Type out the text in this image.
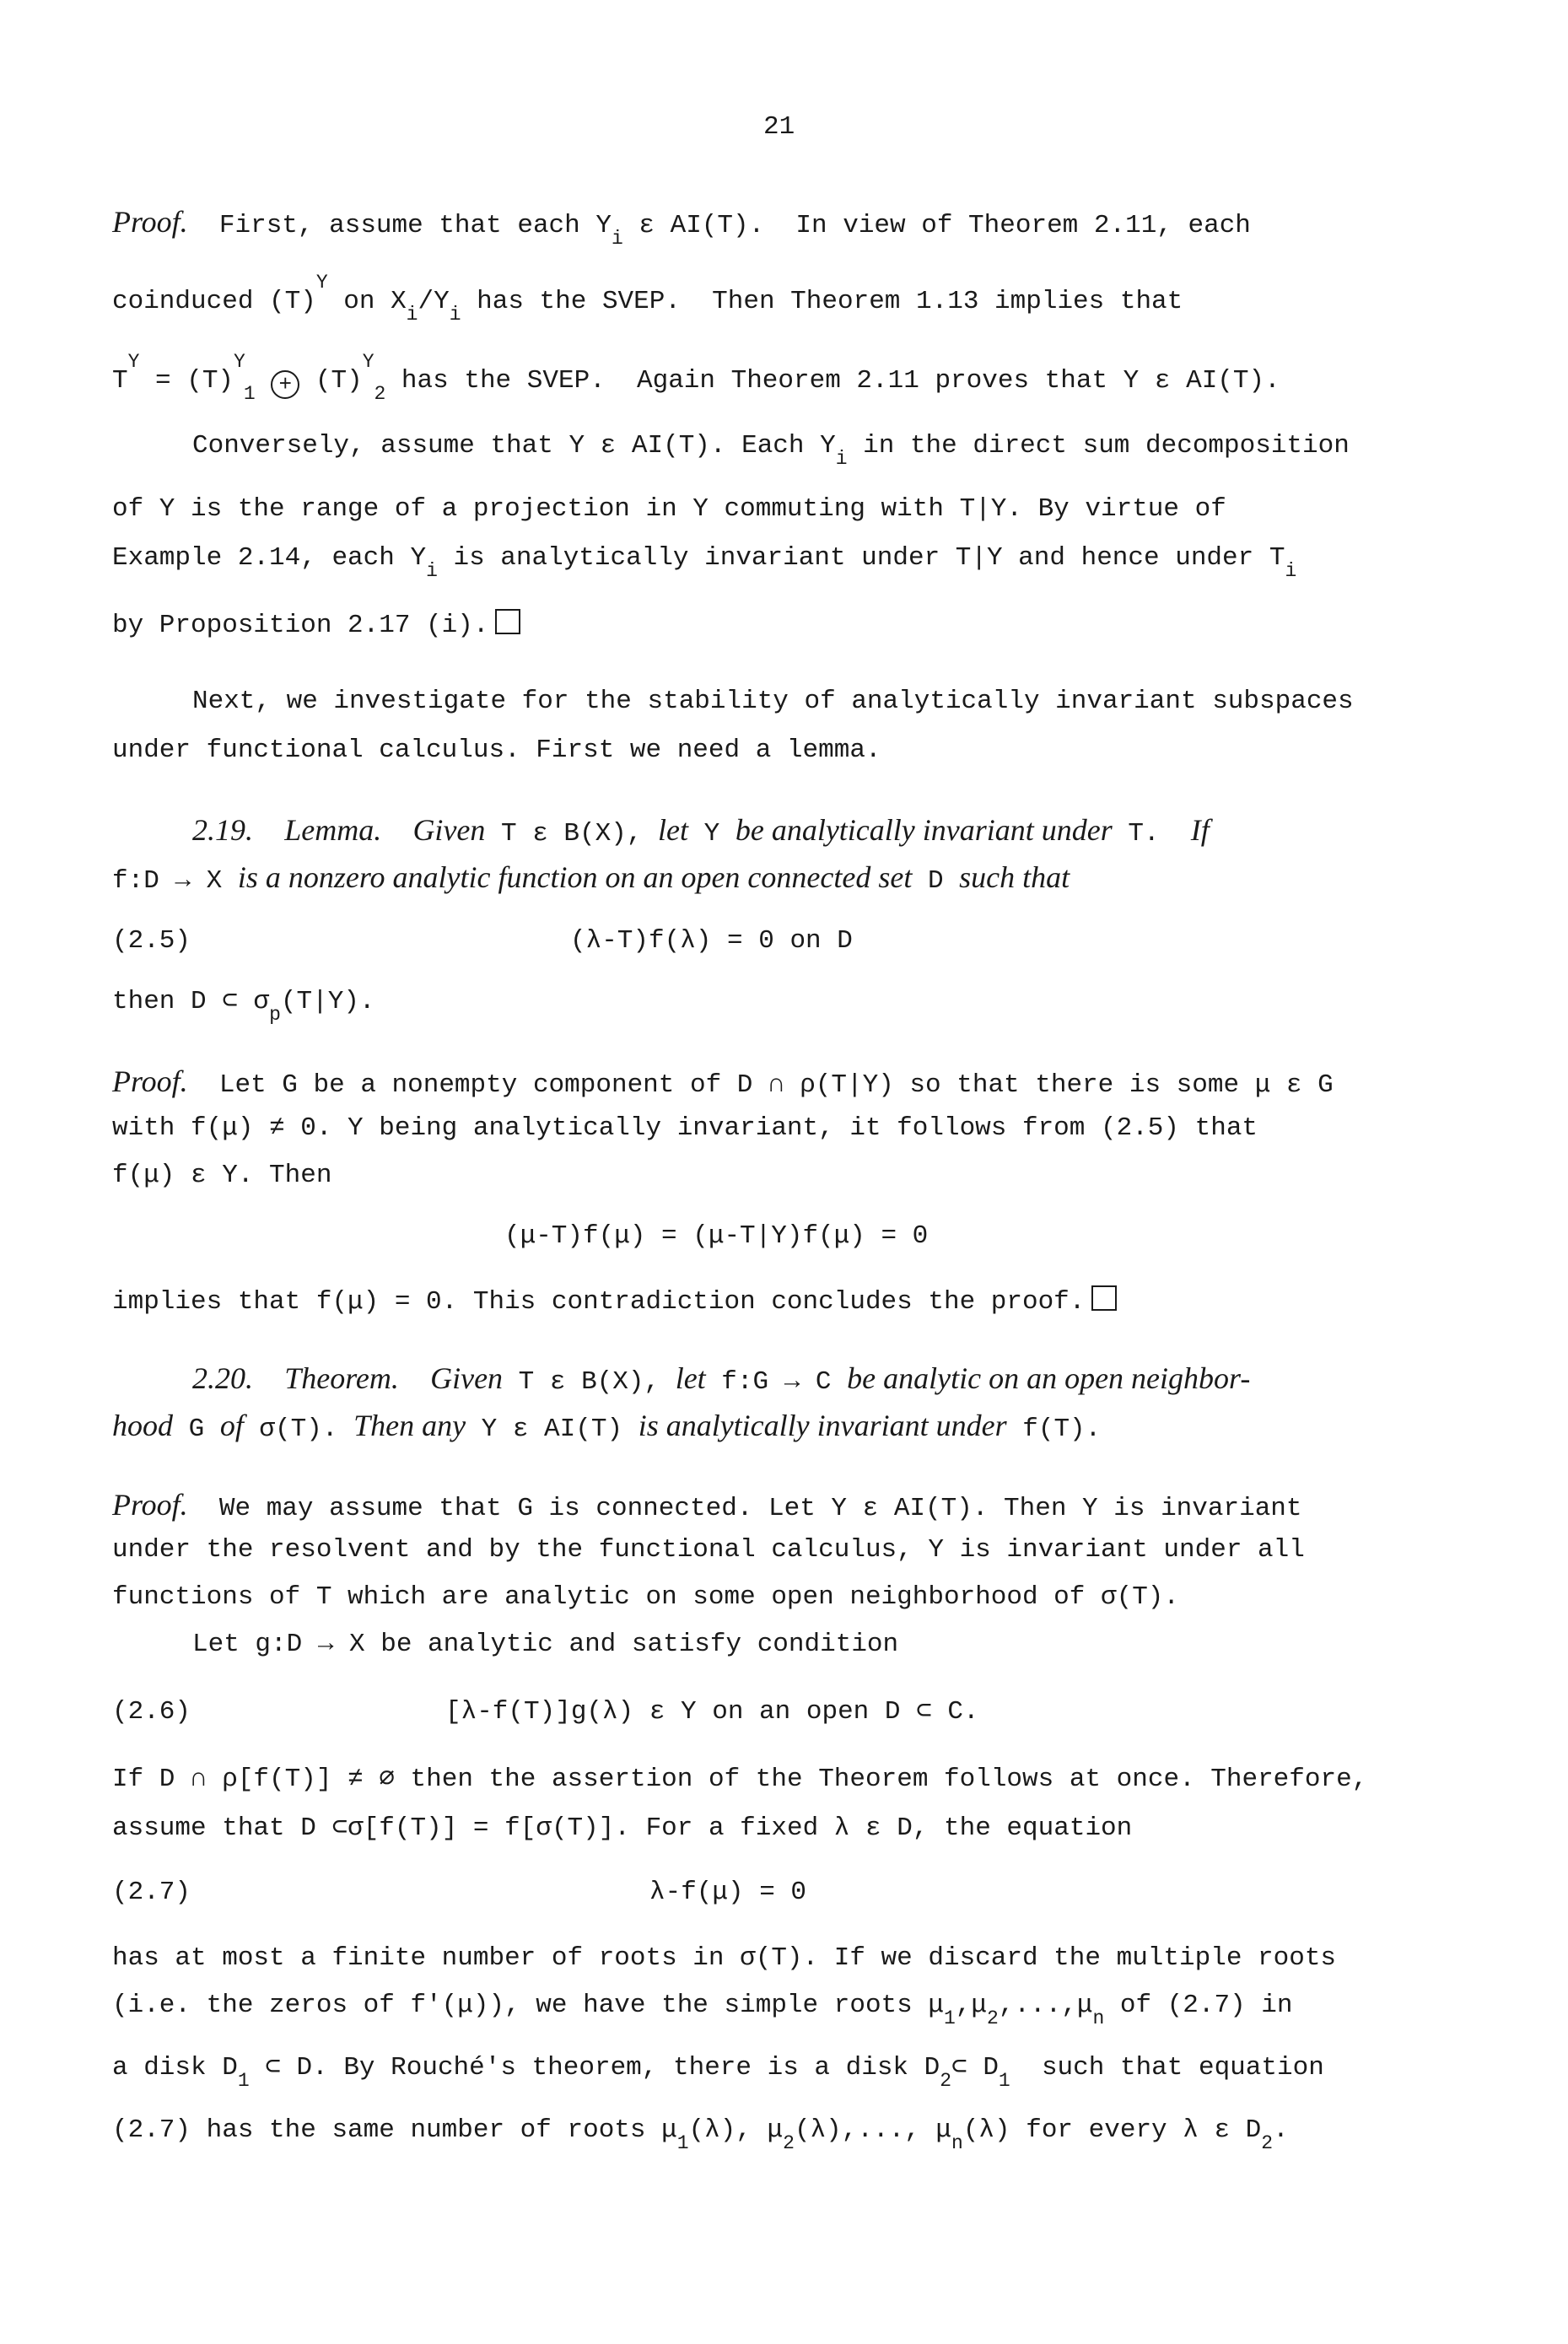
21
Proof. First, assume that each $Y_i$ ε AI(T).  In view of Theorem 2.11, each
coinduced $(T)^Y$ on $X_i/Y_i$ has the SVEP.  Then Theorem 1.13 implies that
$T^Y = (T)^Y_1 + (T)^Y_2$ has the SVEP.  Again Theorem 2.11 proves that Y ε AI(T).
Conversely, assume that Y ε AI(T). Each $Y_i$ in the direct sum decomposition
of Y is the range of a projection in Y commuting with T|Y. By virtue of
Example 2.14, each $Y_i$ is analytically invariant under T|Y and hence under $T_i$
by Proposition 2.17 (i).
Next, we investigate for the stability of analytically invariant subspaces
under functional calculus. First we need a lemma.
2.19. Lemma. Given T ε B(X), let Y be analytically invariant under T.  If
f:D → X is a nonzero analytic function on an open connected set D such that
(2.5)	(λ-T)f(λ) = 0 on D
then D ⊂ $\sigma_p(T|Y)$.
Proof. Let G be a nonempty component of D ∩ ρ(T|Y) so that there is some μ ε G
with f(μ) ≠ 0. Y being analytically invariant, it follows from (2.5) that
f(μ) ε Y. Then
(μ-T)f(μ) = (μ-T|Y)f(μ) = 0
implies that f(μ) = 0. This contradiction concludes the proof.
2.20. Theorem. Given T ε B(X), let f:G → C be analytic on an open neighbor-
hood G of σ(T). Then any Y ε AI(T) is analytically invariant under f(T).
Proof. We may assume that G is connected. Let Y ε AI(T). Then Y is invariant
under the resolvent and by the functional calculus, Y is invariant under all
functions of T which are analytic on some open neighborhood of σ(T).
Let g:D → X be analytic and satisfy condition
(2.6)	[λ-f(T)]g(λ) ε Y on an open D ⊂ C.
If D ∩ ρ[f(T)] ≠ ∅ then the assertion of the Theorem follows at once. Therefore,
assume that D ⊂σ[f(T)] = f[σ(T)]. For a fixed λ ε D, the equation
(2.7)	λ-f(μ) = 0
has at most a finite number of roots in σ(T). If we discard the multiple roots
(i.e. the zeros of f'(μ)), we have the simple roots $\mu_1,\mu_2,...,\mu_n$ of (2.7) in
a disk $D_1$ ⊂ D. By Rouché's theorem, there is a disk $D_2\subset$ $D_1$  such that equation
(2.7) has the same number of roots $\mu_1(\lambda)$, $\mu_2(\lambda)$,..., $\mu_n(\lambda)$ for every λ ε $D_2$.
